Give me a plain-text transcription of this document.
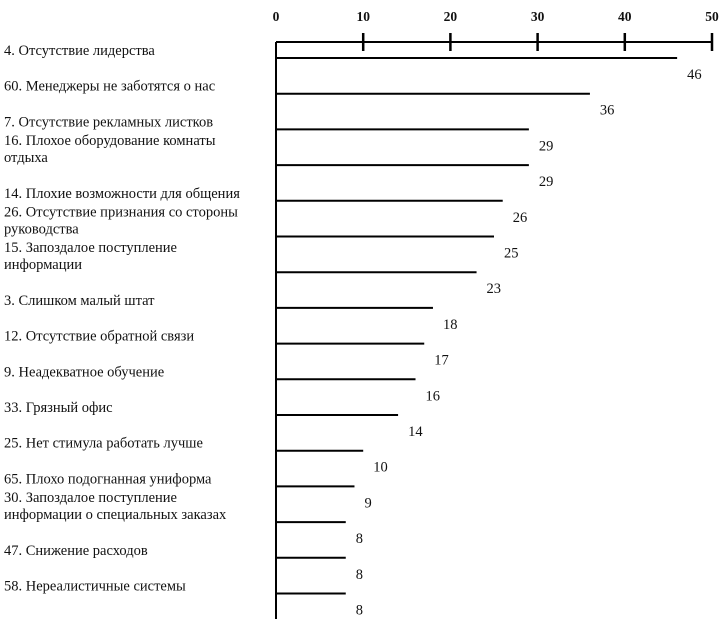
0	10	20	30	40	50
4. Отсутствие лидерства
46
60. Менеджеры не заботятся о нас
36
7. Отсутствие рекламных листков
29
16. Плохое оборудование комнаты
отдыха
29
14. Плохие возможности для общения
26
26. Отсутствие признания со стороны
руководства
25
15. Запоздалое поступление
информации
23
3. Слишком малый штат
18
12. Отсутствие обратной связи
17
9. Неадекватное обучение
16
33. Грязный офис
14
25. Нет стимула работать лучше
10
65. Плохо подогнанная униформа
9
30. Запоздалое поступление
информации о специальных заказах
8
47. Снижение расходов
8
58. Нереалистичные системы
8
